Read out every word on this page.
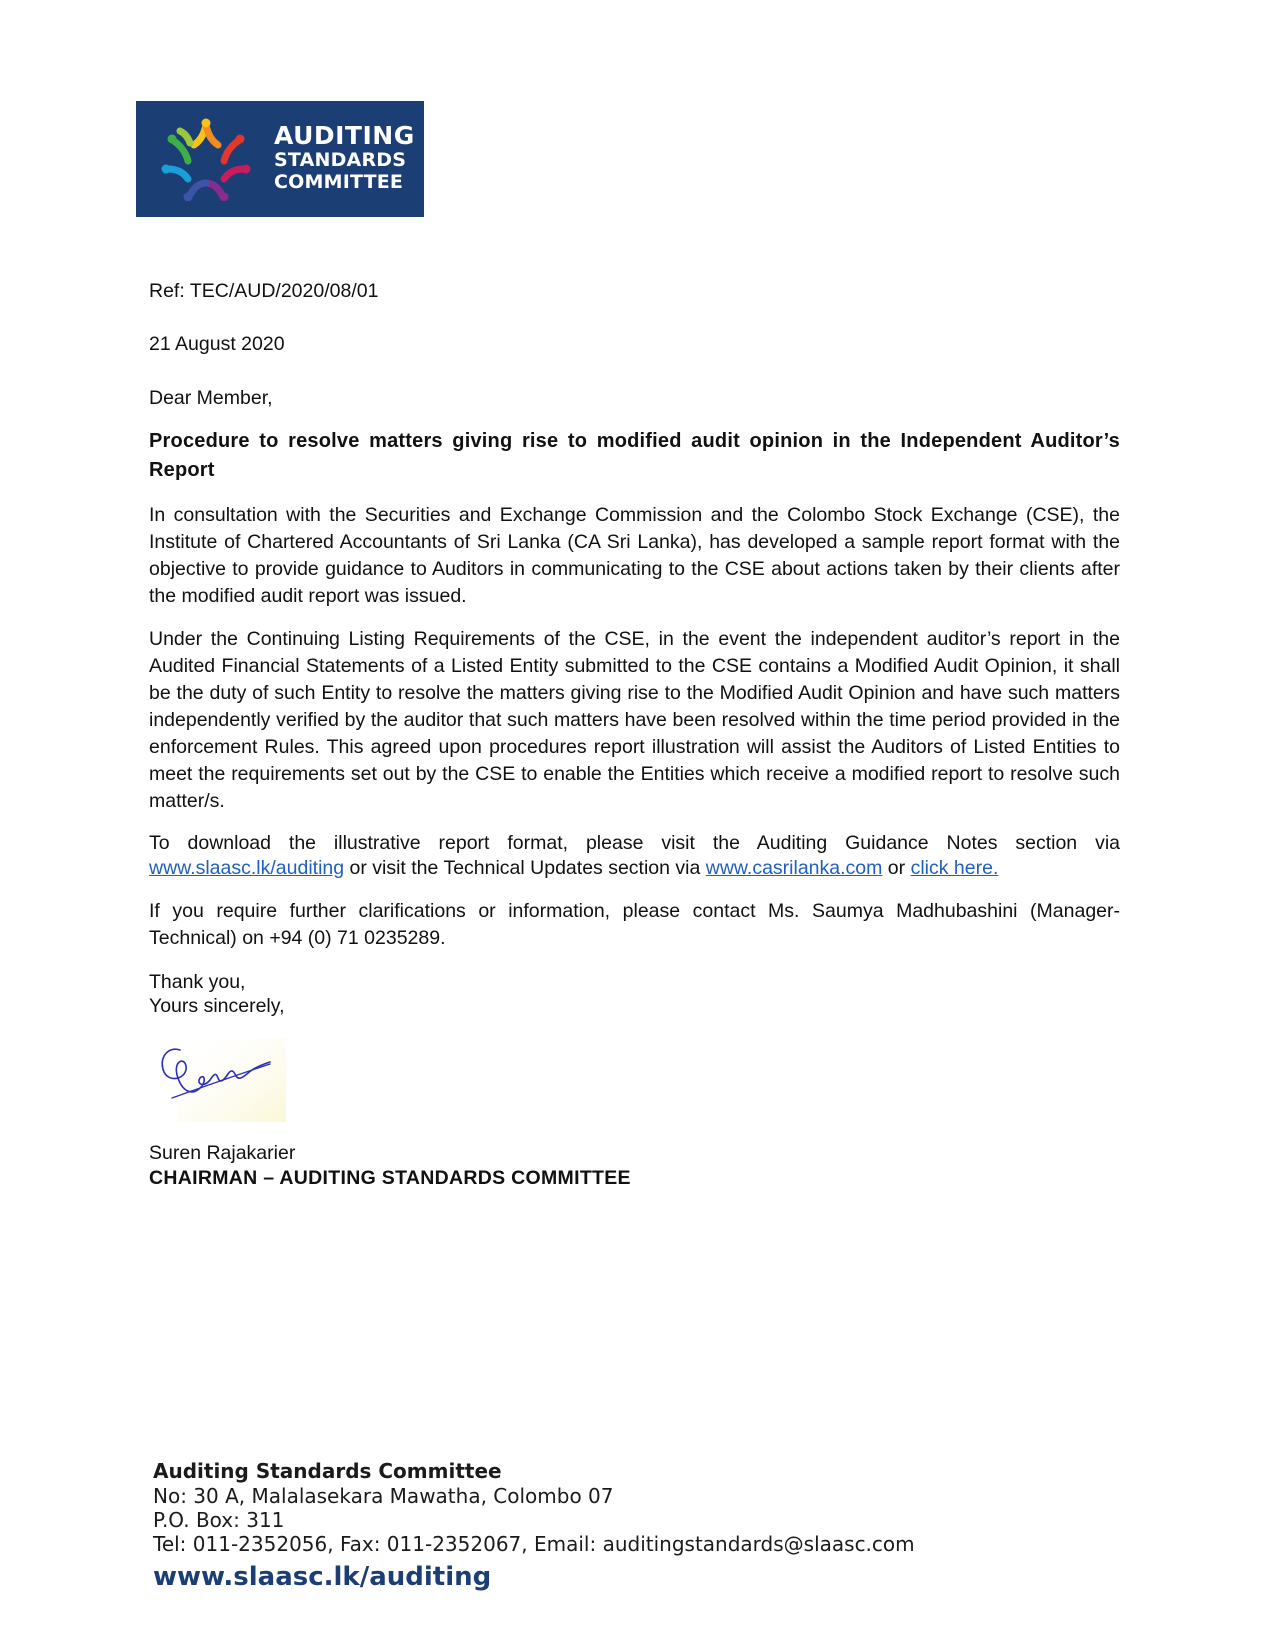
AUDITING
STANDARDS
COMMITTEE

Ref: TEC/AUD/2020/08/01

21 August 2020

Dear Member,

Procedure to resolve matters giving rise to modified audit opinion in the Independent Auditor’s Report

In consultation with the Securities and Exchange Commission and the Colombo Stock Exchange (CSE), the Institute of Chartered Accountants of Sri Lanka (CA Sri Lanka), has developed a sample report format with the objective to provide guidance to Auditors in communicating to the CSE about actions taken by their clients after the modified audit report was issued.

Under the Continuing Listing Requirements of the CSE, in the event the independent auditor’s report in the Audited Financial Statements of a Listed Entity submitted to the CSE contains a Modified Audit Opinion, it shall be the duty of such Entity to resolve the matters giving rise to the Modified Audit Opinion and have such matters independently verified by the auditor that such matters have been resolved within the time period provided in the enforcement Rules. This agreed upon procedures report illustration will assist the Auditors of Listed Entities to meet the requirements set out by the CSE to enable the Entities which receive a modified report to resolve such matter/s.

To download the illustrative report format, please visit the Auditing Guidance Notes section via www.slaasc.lk/auditing or visit the Technical Updates section via www.casrilanka.com or click here.

If you require further clarifications or information, please contact Ms. Saumya Madhubashini (Manager-Technical) on +94 (0) 71 0235289.

Thank you,

Yours sincerely,

Suren Rajakarier

CHAIRMAN – AUDITING STANDARDS COMMITTEE

Auditing Standards Committee
No: 30 A, Malalasekara Mawatha, Colombo 07
P.O. Box: 311
Tel: 011-2352056, Fax: 011-2352067, Email: auditingstandards@slaasc.com
www.slaasc.lk/auditing
